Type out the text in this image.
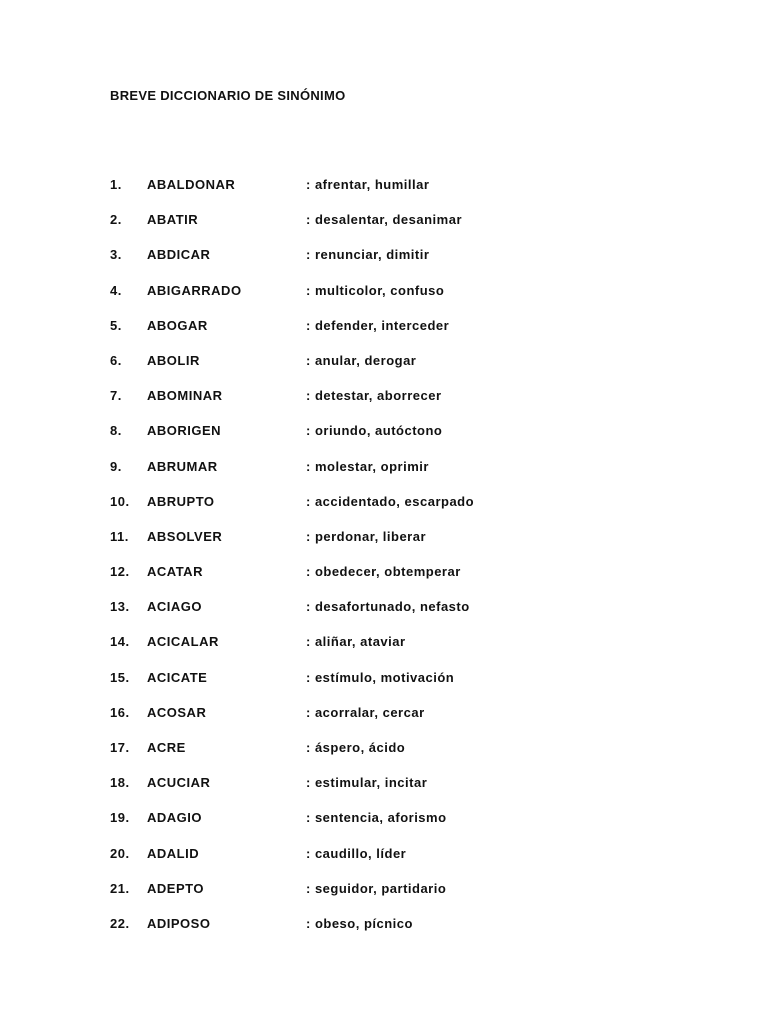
BREVE DICCIONARIO DE SINÓNIMO
1. ABALDONAR	: afrentar, humillar
2. ABATIR	: desalentar, desanimar
3. ABDICAR	: renunciar, dimitir
4. ABIGARRADO	: multicolor, confuso
5. ABOGAR	: defender, interceder
6. ABOLIR	: anular, derogar
7. ABOMINAR	: detestar, aborrecer
8. ABORIGEN	: oriundo, autóctono
9. ABRUMAR	: molestar, oprimir
10. ABRUPTO	: accidentado, escarpado
11. ABSOLVER	: perdonar, liberar
12. ACATAR	: obedecer, obtemperar
13. ACIAGO	: desafortunado, nefasto
14. ACICALAR	: aliñar, ataviar
15. ACICATE	: estímulo, motivación
16. ACOSAR	: acorralar, cercar
17. ACRE	: áspero, ácido
18. ACUCIAR	: estimular, incitar
19. ADAGIO	: sentencia, aforismo
20. ADALID	: caudillo, líder
21. ADEPTO	: seguidor, partidario
22. ADIPOSO	: obeso, pícnico
